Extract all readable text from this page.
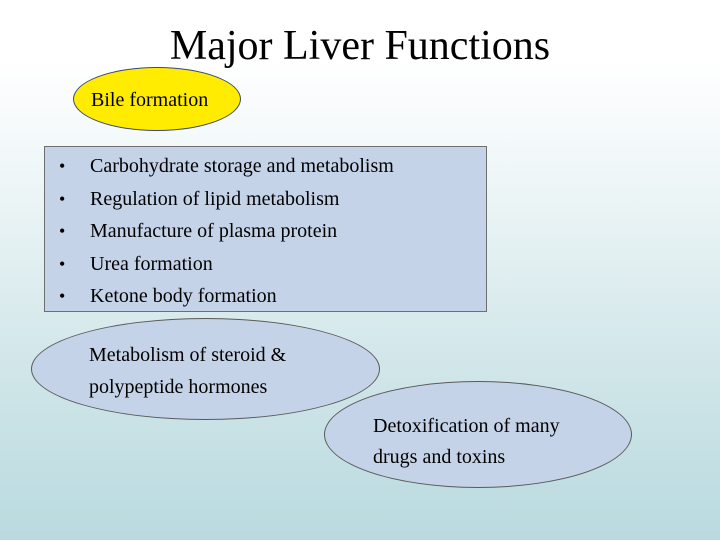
Major Liver Functions
Bile formation
• Carbohydrate storage and metabolism
• Regulation of lipid metabolism
• Manufacture of plasma protein
• Urea formation
• Ketone body formation
Metabolism of steroid &
polypeptide hormones
Detoxification of many
drugs and toxins
